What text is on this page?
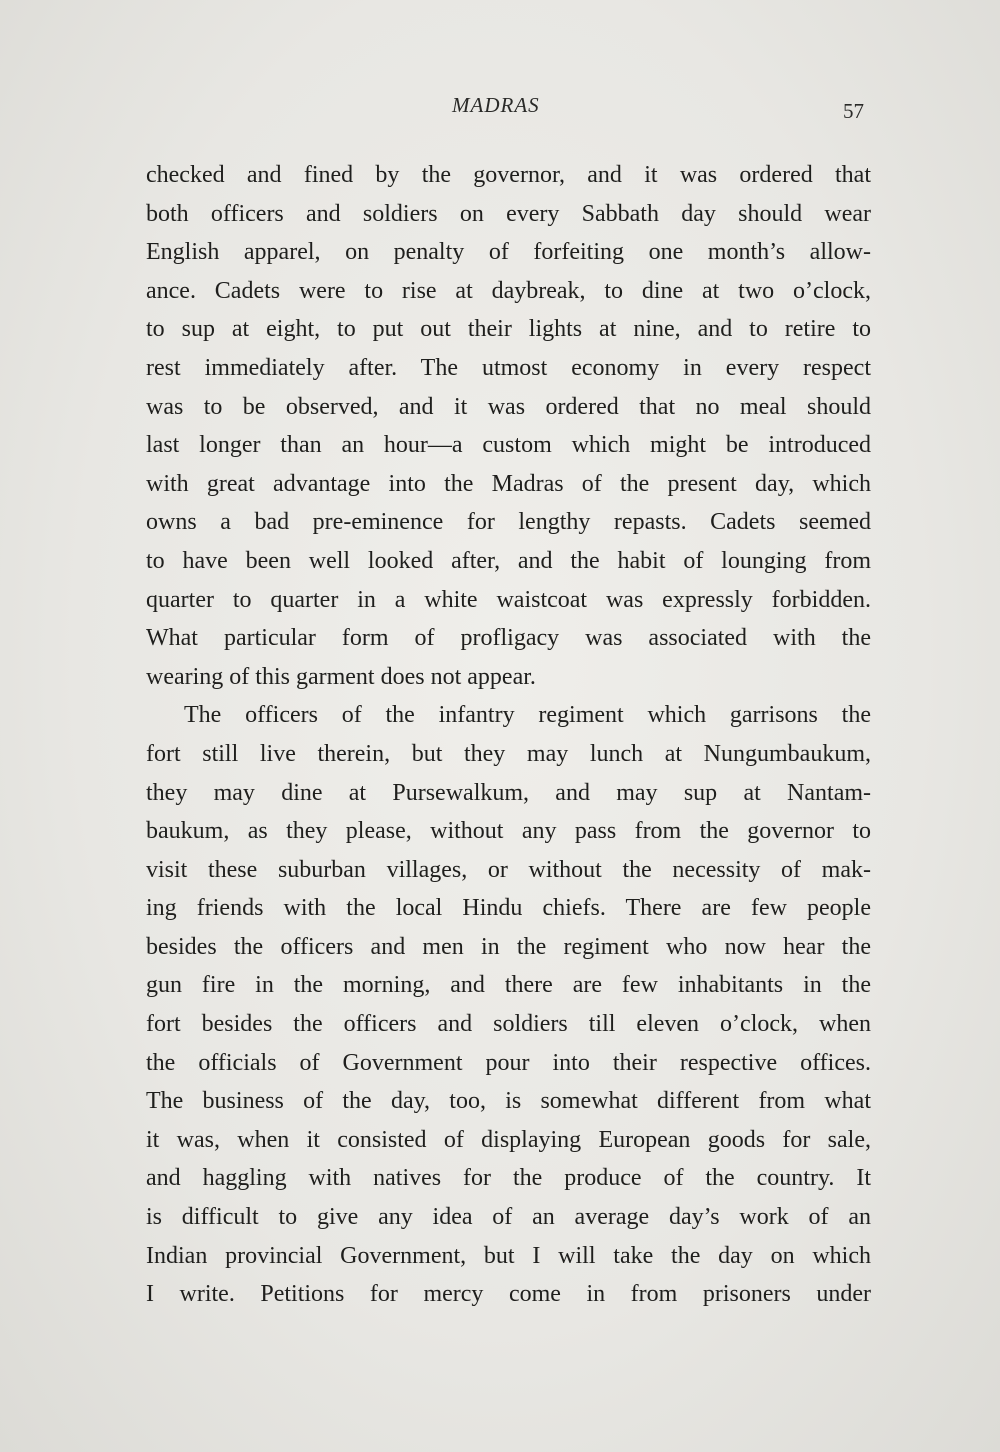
MADRAS	57
checked and fined by the governor, and it was ordered that
both officers and soldiers on every Sabbath day should wear
English apparel, on penalty of forfeiting one month’s allow-
ance. Cadets were to rise at daybreak, to dine at two o’clock,
to sup at eight, to put out their lights at nine, and to retire to
rest immediately after. The utmost economy in every respect
was to be observed, and it was ordered that no meal should
last longer than an hour—a custom which might be introduced
with great advantage into the Madras of the present day, which
owns a bad pre-eminence for lengthy repasts. Cadets seemed
to have been well looked after, and the habit of lounging from
quarter to quarter in a white waistcoat was expressly forbidden.
What particular form of profligacy was associated with the
wearing of this garment does not appear.
The officers of the infantry regiment which garrisons the
fort still live therein, but they may lunch at Nungumbaukum,
they may dine at Pursewalkum, and may sup at Nantam-
baukum, as they please, without any pass from the governor to
visit these suburban villages, or without the necessity of mak-
ing friends with the local Hindu chiefs. There are few people
besides the officers and men in the regiment who now hear the
gun fire in the morning, and there are few inhabitants in the
fort besides the officers and soldiers till eleven o’clock, when
the officials of Government pour into their respective offices.
The business of the day, too, is somewhat different from what
it was, when it consisted of displaying European goods for sale,
and haggling with natives for the produce of the country. It
is difficult to give any idea of an average day’s work of an
Indian provincial Government, but I will take the day on which
I write. Petitions for mercy come in from prisoners under
